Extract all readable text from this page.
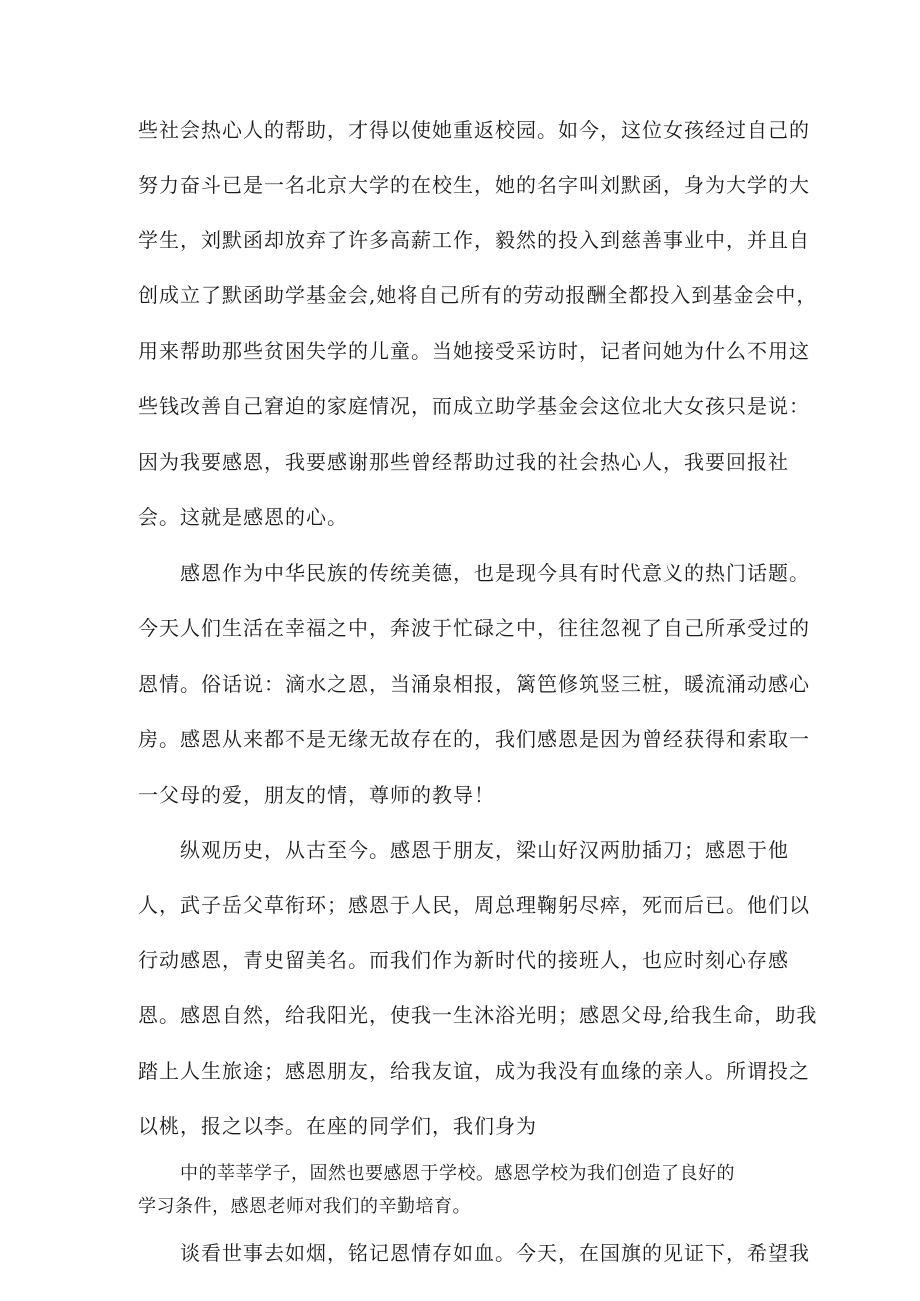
些社会热心人的帮助，才得以使她重返校园。如今，这位女孩经过自己的
努力奋斗已是一名北京大学的在校生，她的名字叫刘默函，身为大学的大
学生，刘默函却放弃了许多高薪工作，毅然的投入到慈善事业中，并且自
创成立了默函助学基金会,她将自己所有的劳动报酬全都投入到基金会中，
用来帮助那些贫困失学的儿童。当她接受采访时，记者问她为什么不用这
些钱改善自己窘迫的家庭情况，而成立助学基金会这位北大女孩只是说：
因为我要感恩，我要感谢那些曾经帮助过我的社会热心人，我要回报社
会。这就是感恩的心。
感恩作为中华民族的传统美德，也是现今具有时代意义的热门话题。
今天人们生活在幸福之中，奔波于忙碌之中，往往忽视了自己所承受过的
恩情。俗话说：滴水之恩，当涌泉相报，篱笆修筑竖三桩，暖流涌动感心
房。感恩从来都不是无缘无故存在的，我们感恩是因为曾经获得和索取一
一父母的爱，朋友的情，尊师的教导！
纵观历史，从古至今。感恩于朋友，梁山好汉两肋插刀；感恩于他
人，武子岳父草衔环；感恩于人民，周总理鞠躬尽瘁，死而后已。他们以
行动感恩，青史留美名。而我们作为新时代的接班人，也应时刻心存感
恩。感恩自然，给我阳光，使我一生沐浴光明；感恩父母,给我生命，助我
踏上人生旅途；感恩朋友，给我友谊，成为我没有血缘的亲人。所谓投之
以桃，报之以李。在座的同学们，我们身为
中的莘莘学子，固然也要感恩于学校。感恩学校为我们创造了良好的
学习条件，感恩老师对我们的辛勤培育。
谈看世事去如烟，铭记恩情存如血。今天，在国旗的见证下，希望我
